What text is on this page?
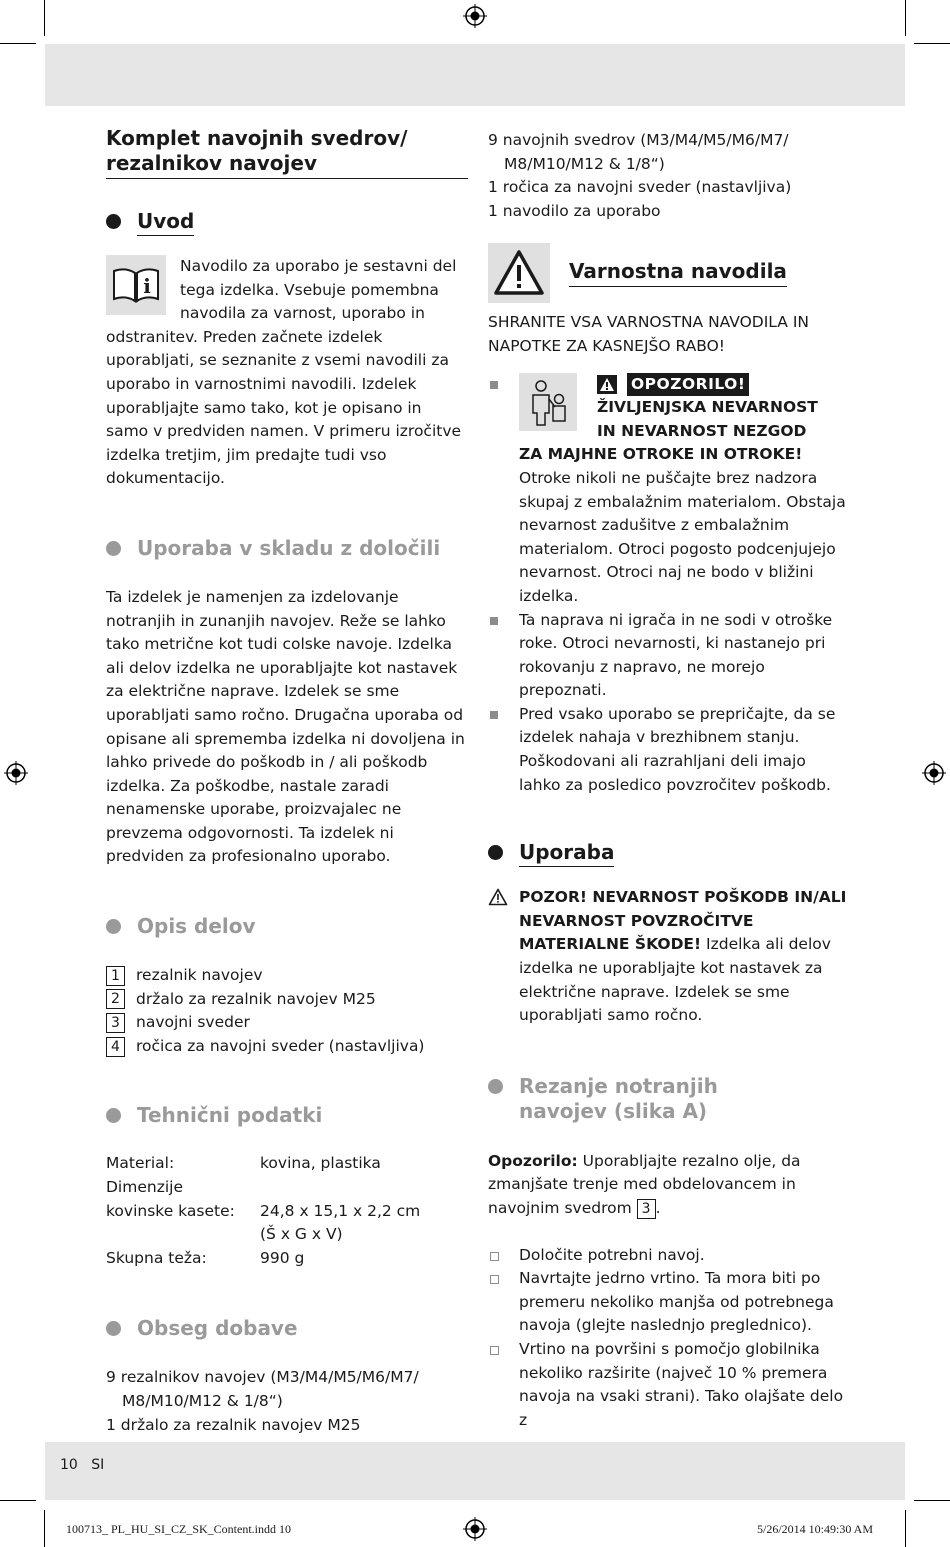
Komplet navojnih svedrov/ rezalnikov navojev
Uvod
i

Navodilo za uporabo je sestavni del tega izdelka. Vsebuje pomembna navodila za varnost, uporabo in odstranitev. Preden začnete izdelek uporabljati, se seznanite z vsemi navodili za uporabo in varnostnimi navodili. Izdelek uporabljajte samo tako, kot je opisano in samo v predviden namen. V primeru izročitve izdelka tretjim, jim predajte tudi vso dokumentacijo.

Uporaba v skladu z določili

Ta izdelek je namenjen za izdelovanje notranjih in zunanjih navojev. Reže se lahko tako metrične kot tudi colske navoje. Izdelka ali delov izdelka ne uporabljajte kot nastavek za električne naprave. Izdelek se sme uporabljati samo ročno. Drugačna uporaba od opisane ali sprememba izdelka ni dovoljena in lahko privede do poškodb in / ali poškodb izdelka. Za poškodbe, nastale zaradi nenamenske uporabe, proizvajalec ne prevzema odgovornosti. Ta izdelek ni predviden za profesionalno uporabo.

Opis delov
1	rezalnik navojev
2	držalo za rezalnik navojev M25
3	navojni sveder
4	ročica za navojni sveder (nastavljiva)
Tehnični podatki
Material:	kovina, plastika
Dimenzije
kovinske kasete:	24,8 x 15,1 x 2,2 cm
(Š x G x V)
Skupna teža:	990 g
Obseg dobave

9 rezalnikov navojev (M3/M4/M5/M6/M7/ M8/M10/M12 & 1/8“)

1 držalo za rezalnik navojev M25

9 navojnih svedrov (M3/M4/M5/M6/M7/ M8/M10/M12 & 1/8“)

1 ročica za navojni sveder (nastavljiva)

1 navodilo za uporabo

Varnostna navodila

SHRANITE VSA VARNOSTNA NAVODILA IN NAPOTKE ZA KASNEJŠO RABO!

OPOZORILO!

ŽIVLJENJSKA NEVARNOST

IN NEVARNOST NEZGOD

ZA MAJHNE OTROKE IN OTROKE!

Otroke nikoli ne puščajte brez nadzora skupaj z embalažnim materialom. Obstaja nevarnost zadušitve z embalažnim materialom. Otroci pogosto podcenjujejo nevarnost. Otroci naj ne bodo v bližini izdelka.

Ta naprava ni igrača in ne sodi v otroške roke. Otroci nevarnosti, ki nastanejo pri rokovanju z napravo, ne morejo prepoznati.

Pred vsako uporabo se prepričajte, da se izdelek nahaja v brezhibnem stanju. Poškodovani ali razrahljani deli imajo lahko za posledico povzročitev poškodb.

Uporaba

POZOR! NEVARNOST POŠKODB IN/ALI NEVARNOST POVZROČITVE MATERIALNE ŠKODE! Izdelka ali delov izdelka ne uporabljajte kot nastavek za električne naprave. Izdelek se sme uporabljati samo ročno.

Rezanje notranjih
navojev (slika A)

Opozorilo: Uporabljajte rezalno olje, da zmanjšate trenje med obdelovancem in navojnim svedrom 3 .

Določite potrebni navoj.

Navrtajte jedrno vrtino. Ta mora biti po premeru nekoliko manjša od potrebnega navoja (glejte naslednjo preglednico).

Vrtino na površini s pomočjo globilnika nekoliko razširite (največ 10 % premera navoja na vsaki strani). Tako olajšate delo z

10 SI
100713_ PL_HU_SI_CZ_SK_Content.indd 10	5/26/2014 10:49:30 AM
